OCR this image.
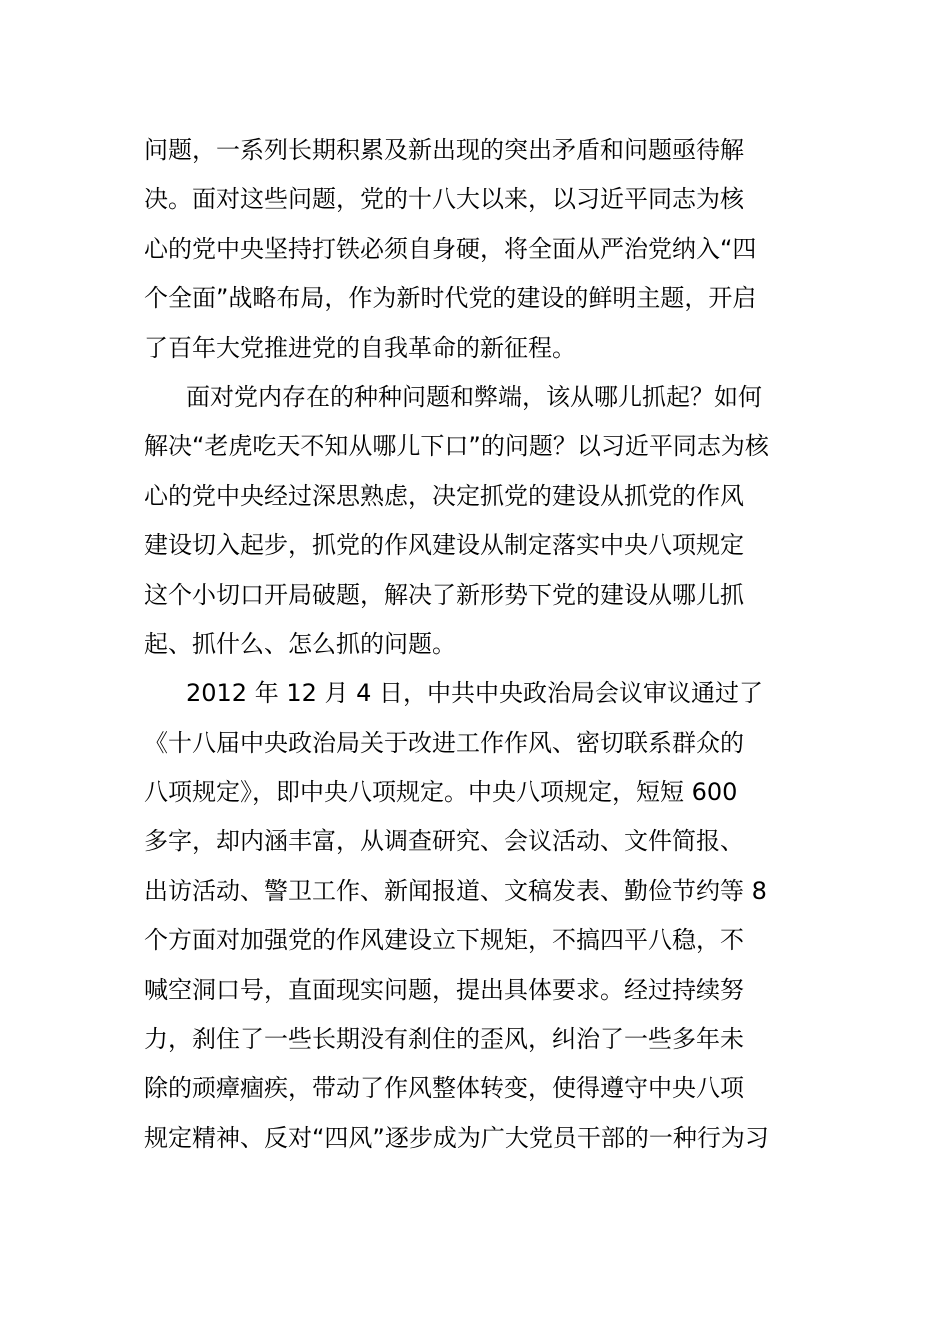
问题，一系列长期积累及新出现的突出矛盾和问题亟待解
决。面对这些问题，党的十八大以来，以习近平同志为核
心的党中央坚持打铁必须自身硬，将全面从严治党纳入“四
个全面”战略布局，作为新时代党的建设的鲜明主题，开启
了百年大党推进党的自我革命的新征程。
面对党内存在的种种问题和弊端，该从哪儿抓起？如何
解决“老虎吃天不知从哪儿下口”的问题？以习近平同志为核
心的党中央经过深思熟虑，决定抓党的建设从抓党的作风
建设切入起步，抓党的作风建设从制定落实中央八项规定
这个小切口开局破题，解决了新形势下党的建设从哪儿抓
起、抓什么、怎么抓的问题。
2012 年 12 月 4 日，中共中央政治局会议审议通过了
《十八届中央政治局关于改进工作作风、密切联系群众的
八项规定》，即中央八项规定。中央八项规定，短短 600
多字，却内涵丰富，从调查研究、会议活动、文件简报、
出访活动、警卫工作、新闻报道、文稿发表、勤俭节约等 8
个方面对加强党的作风建设立下规矩，不搞四平八稳，不
喊空洞口号，直面现实问题，提出具体要求。经过持续努
力，刹住了一些长期没有刹住的歪风，纠治了一些多年未
除的顽瘴痼疾，带动了作风整体转变，使得遵守中央八项
规定精神、反对“四风”逐步成为广大党员干部的一种行为习
